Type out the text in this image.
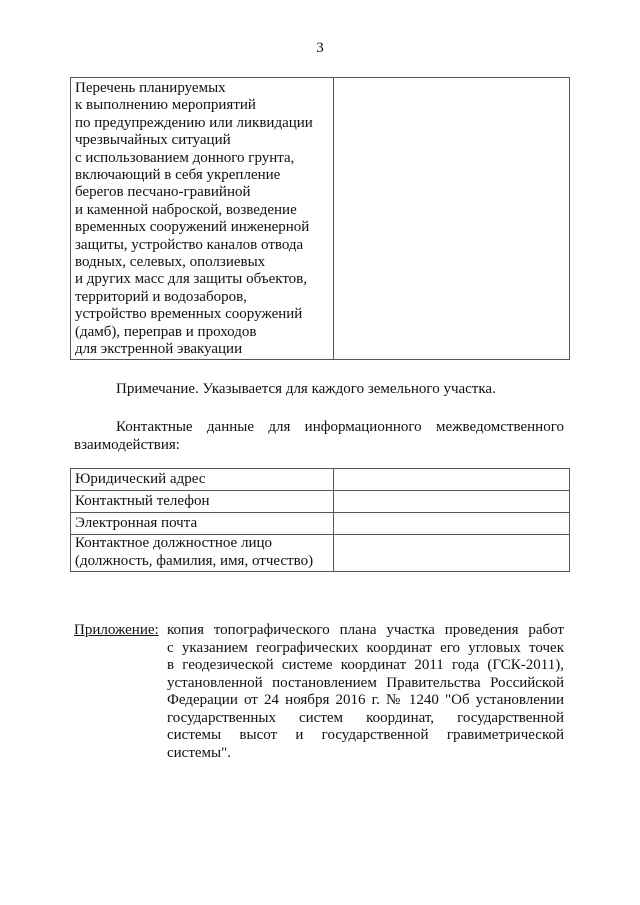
3
Перечень планируемых
к выполнению мероприятий
по предупреждению или ликвидации
чрезвычайных ситуаций
с использованием донного грунта,
включающий в себя укрепление
берегов песчано-гравийной
и каменной наброской, возведение
временных сооружений инженерной
защиты, устройство каналов отвода
водных, селевых, оползиевых
и других масс для защиты объектов,
территорий и водозаборов,
устройство временных сооружений
(дамб), переправ и проходов
для экстренной эвакуации

Примечание. Указывается для каждого земельного участка.
Контактные данные для информационного межведомственного
взаимодействия:
Юридический адрес	
Контактный телефон	
Электронная почта	

Контактное должностное лицо
(должность, фамилия, имя, отчество)	

Приложение: копия топографического плана участка проведения работ
с указанием географических координат его угловых точек
в геодезической системе координат 2011 года (ГСК-2011),
установленной постановлением Правительства Российской
Федерации от 24 ноября 2016 г. № 1240 "Об установлении
государственных систем координат, государственной
системы высот и государственной гравиметрической
системы".
